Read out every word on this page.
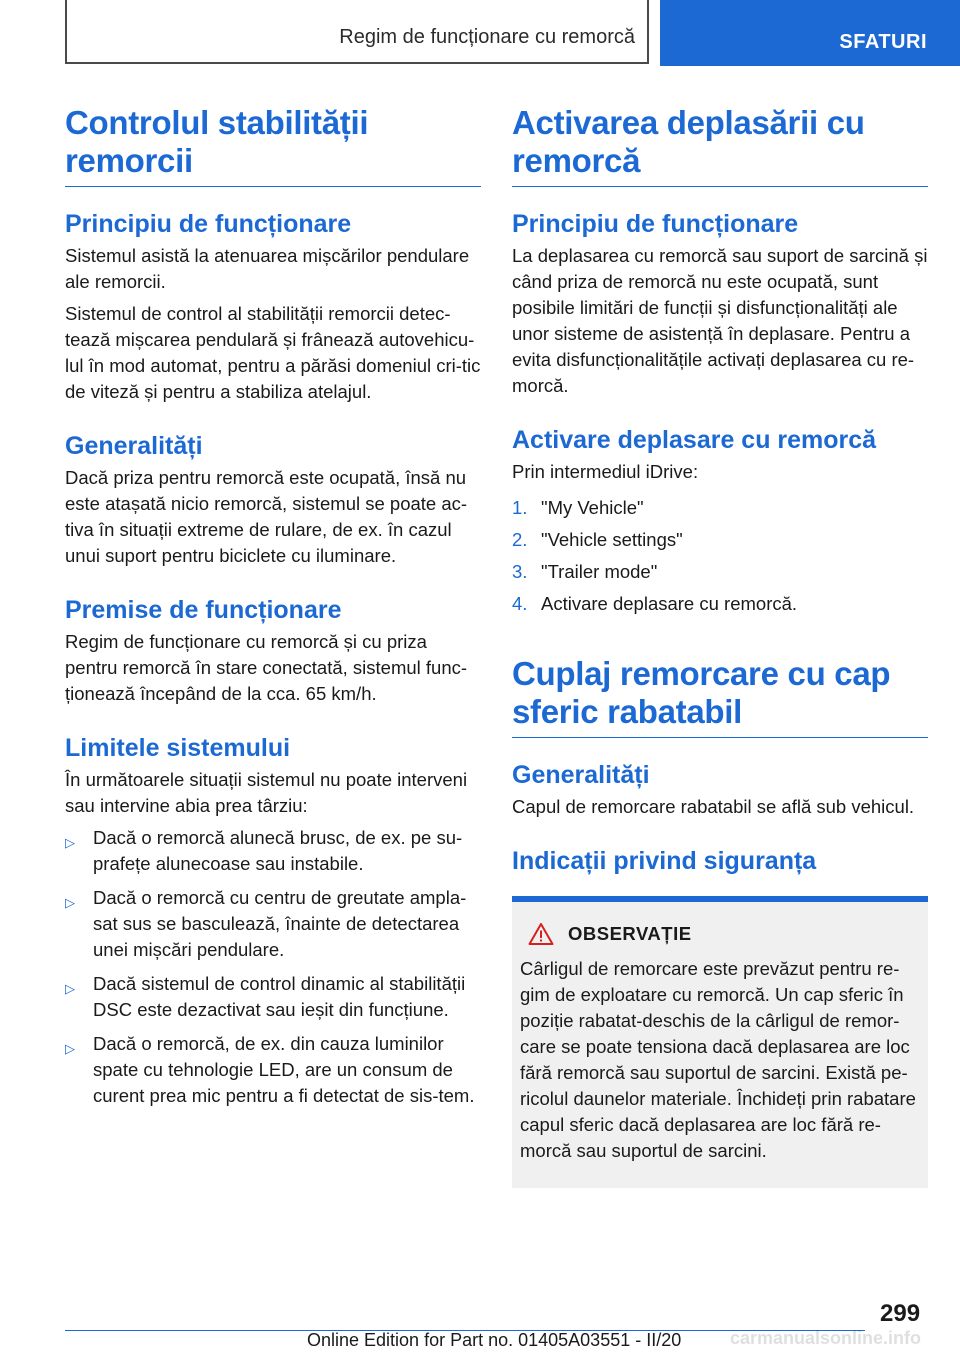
Regim de funcționare cu remorcă	SFATURI
Controlul stabilității remorcii
Principiu de funcționare

Sistemul asistă la atenuarea mișcărilor pendulare ale remorcii.

Sistemul de control al stabilității remorcii detec-tează mișcarea pendulară și frânează autovehicu-lul în mod automat, pentru a părăsi domeniul cri-tic de viteză și pentru a stabiliza atelajul.

Generalități

Dacă priza pentru remorcă este ocupată, însă nu este atașată nicio remorcă, sistemul se poate ac-tiva în situații extreme de rulare, de ex. în cazul unui suport pentru biciclete cu iluminare.

Premise de funcționare

Regim de funcționare cu remorcă și cu priza pentru remorcă în stare conectată, sistemul func-ționează începând de la cca. 65 km/h.

Limitele sistemului

În următoarele situații sistemul nu poate interveni sau intervine abia prea târziu:

▷ Dacă o remorcă alunecă brusc, de ex. pe su-prafețe alunecoase sau instabile.
▷ Dacă o remorcă cu centru de greutate ampla-sat sus se basculează, înainte de detectarea unei mișcări pendulare.
▷ Dacă sistemul de control dinamic al stabilității DSC este dezactivat sau ieșit din funcțiune.
▷ Dacă o remorcă, de ex. din cauza luminilor spate cu tehnologie LED, are un consum de curent prea mic pentru a fi detectat de sis-tem.
Activarea deplasării cu remorcă
Principiu de funcționare

La deplasarea cu remorcă sau suport de sarcină și când priza de remorcă nu este ocupată, sunt posibile limitări de funcții și disfuncționalități ale unor sisteme de asistență în deplasare. Pentru a evita disfuncționalitățile activați deplasarea cu re-morcă.

Activare deplasare cu remorcă

Prin intermediul iDrive:

1. "My Vehicle"
2. "Vehicle settings"
3. "Trailer mode"
4. Activare deplasare cu remorcă.
Cuplaj remorcare cu cap sferic rabatabil
Generalități

Capul de remorcare rabatabil se află sub vehicul.

Indicații privind siguranța
OBSERVAȚIE

Cârligul de remorcare este prevăzut pentru re-gim de exploatare cu remorcă. Un cap sferic în poziție rabatat-deschis de la cârligul de remor-care se poate tensiona dacă deplasarea are loc fără remorcă sau suportul de sarcini. Există pe-ricolul daunelor materiale. Închideți prin rabatare capul sferic dacă deplasarea are loc fără re-morcă sau suportul de sarcini.

299
Online Edition for Part no. 01405A03551 - II/20	carmanualsonline.info
